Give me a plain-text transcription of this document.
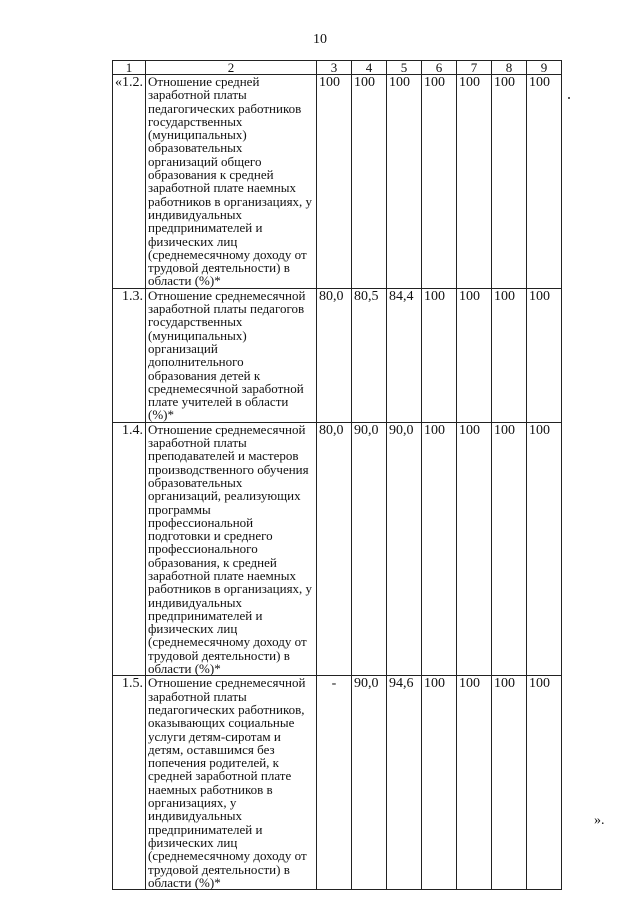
10
1	2	3	4	5	6	7	8	9
«1.2.	Отношение средней заработной платы педагогических работников государственных (муниципальных) образовательных организаций общего образования к средней заработной плате наемных работников в организациях, у индивидуальных предпринимателей и физических лиц (среднемесячному доходу от трудовой деятельности) в области (%)*	100	100	100	100	100	100	100
1.3.	Отношение среднемесячной заработной платы педагогов государственных (муниципальных) организаций дополнительного образования детей к среднемесячной заработной плате учителей в области (%)*	80,0	80,5	84,4	100	100	100	100
1.4.	Отношение среднемесячной заработной платы преподавателей и мастеров производственного обучения образовательных организаций, реализующих программы профессиональной подготовки и среднего профессионального образования, к средней заработной плате наемных работников в организациях, у индивидуальных предпринимателей и физических лиц (среднемесячному доходу от трудовой деятельности) в области (%)*	80,0	90,0	90,0	100	100	100	100
1.5.	Отношение среднемесячной заработной платы педагогических работников, оказывающих социальные услуги детям-сиротам и детям, оставшимся без попечения родителей, к средней заработной плате наемных работников в организациях, у индивидуальных предпринимателей и физических лиц (среднемесячному доходу от трудовой деятельности) в области (%)*	-	90,0	94,6	100	100	100	100
».
